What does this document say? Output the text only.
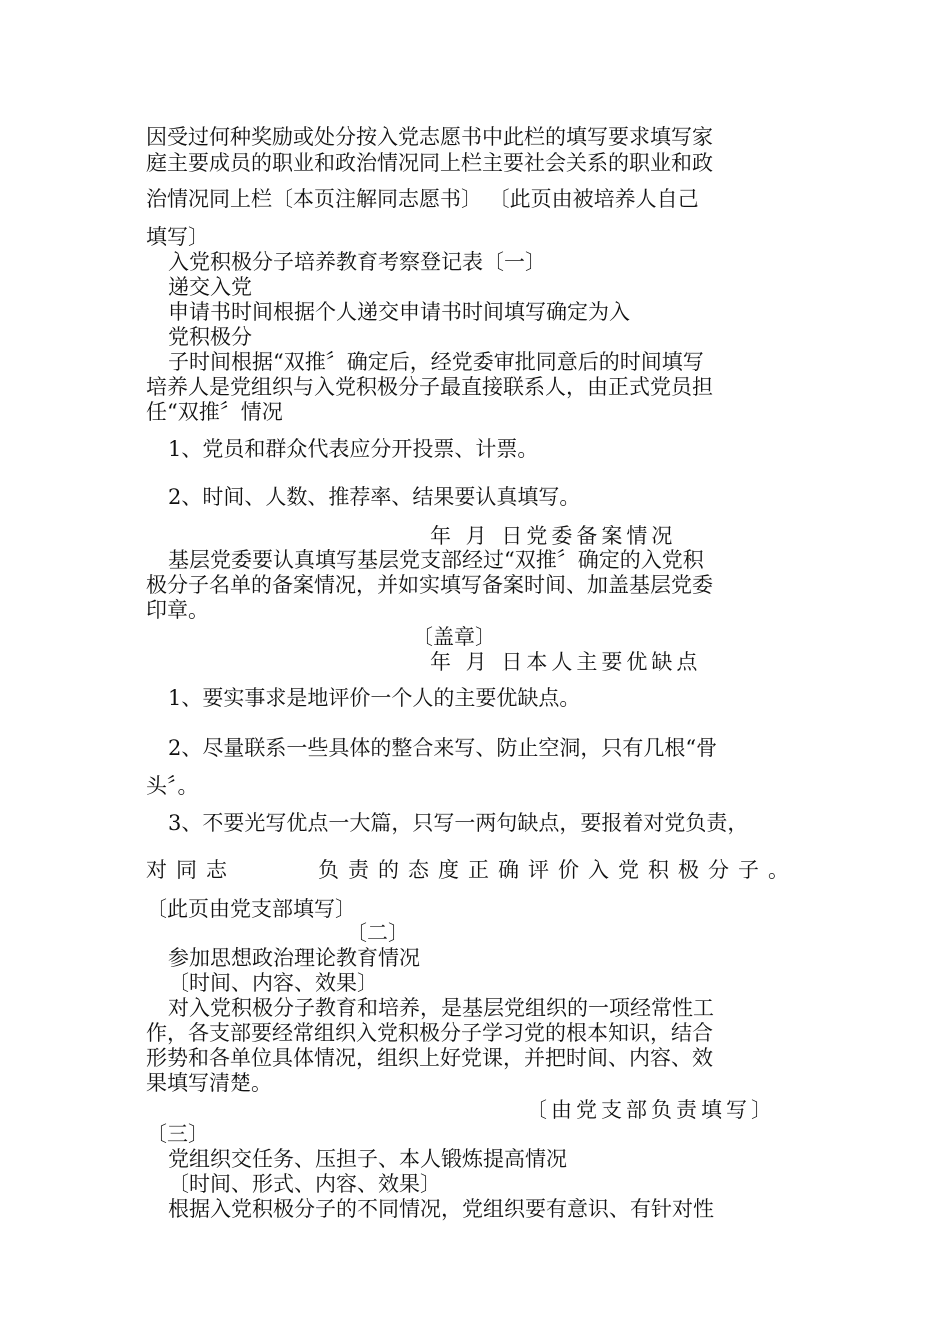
因受过何种奖励或处分按入党志愿书中此栏的填写要求填写家
庭主要成员的职业和政治情况同上栏主要社会关系的职业和政
治情况同上栏〔本页注解同志愿书〕 〔此页由被培养人自己
填写〕
入党积极分子培养教育考察登记表〔一〕
递交入党
申请书时间根据个人递交申请书时间填写确定为入
党积极分
子时间根据“双推〞确定后，经党委审批同意后的时间填写
培养人是党组织与入党积极分子最直接联系人，由正式党员担
任“双推〞情况
1、党员和群众代表应分开投票、计票。
2、时间、人数、推荐率、结果要认真填写。
年 月 日党委备案情况
基层党委要认真填写基层党支部经过“双推〞确定的入党积
极分子名单的备案情况，并如实填写备案时间、加盖基层党委
印章。
〔盖章〕
年 月 日本人主要优缺点
1、要实事求是地评价一个人的主要优缺点。
2、尽量联系一些具体的整合来写、防止空洞，只有几根“骨
头〞。
3、不要光写优点一大篇，只写一两句缺点，要报着对党负责，
对同志	负责的态度正确评价入党积极分子。
〔此页由党支部填写〕
〔二〕
参加思想政治理论教育情况
〔时间、内容、效果〕
对入党积极分子教育和培养，是基层党组织的一项经常性工
作，各支部要经常组织入党积极分子学习党的根本知识，结合
形势和各单位具体情况，组织上好党课，并把时间、内容、效
果填写清楚。
〔由党支部负责填写〕
〔三〕
党组织交任务、压担子、本人锻炼提高情况
〔时间、形式、内容、效果〕
根据入党积极分子的不同情况，党组织要有意识、有针对性
